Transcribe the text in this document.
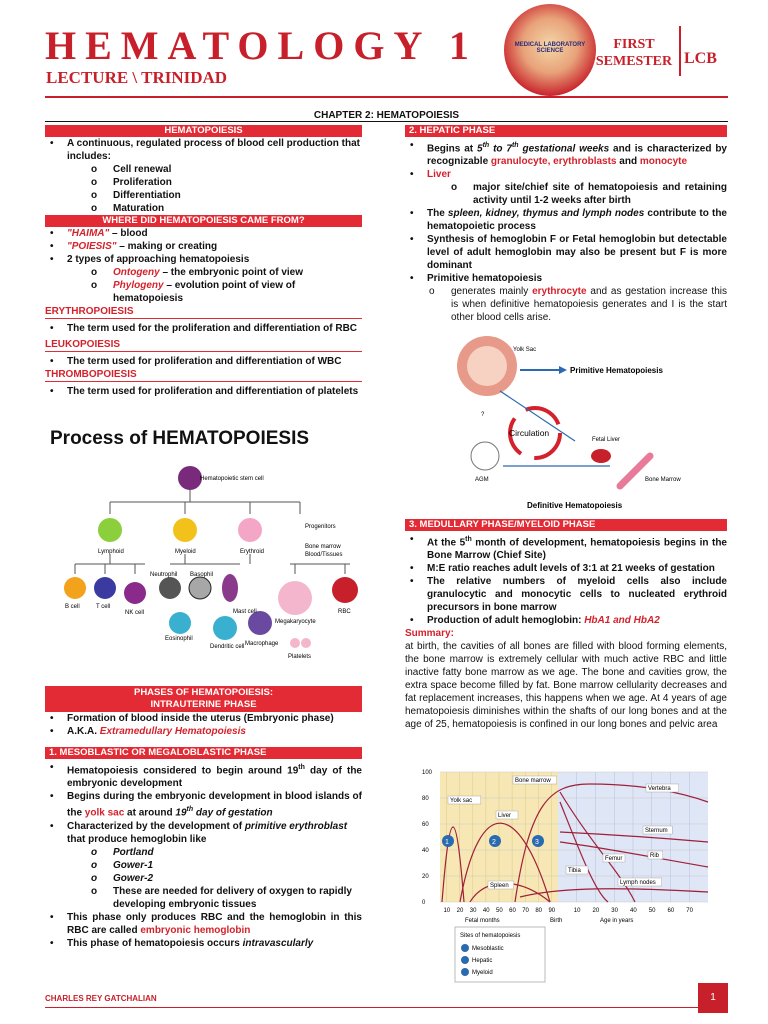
HEMATOLOGY 1
LECTURE \ TRINIDAD
MEDICAL LABORATORY SCIENCE	FIRST
SEMESTER LCB
CHAPTER 2: HEMATOPOIESIS
HEMATOPOIESIS
• A continuous, regulated process of blood cell production that includes:
o Cell renewal
o Proliferation
o Differentiation
o Maturation
WHERE DID HEMATOPOIESIS CAME FROM?
• "HAIMA" – blood
• "POIESIS" – making or creating
• 2 types of approaching hematopoiesis
o Ontogeny – the embryonic point of view
o Phylogeny – evolution point of view of hematopoiesis
ERYTHROPOIESIS
• The term used for the proliferation and differentiation of RBC
LEUKOPOIESIS
• The term used for proliferation and differentiation of WBC
THROMBOPOIESIS
• The term used for proliferation and differentiation of platelets
Process of HEMATOPOIESIS
Hematopoietic stem cell
Lymphoid	Myeloid	Erythroid
Progenitors
Bone marrow
Blood/Tissues
B cell	T cell
NK cell
Neutrophil Basophil
Eosinophil
Mast cell
Dendritic cell Macrophage
Megakaryocyte
RBC
Platelets
PHASES OF HEMATOPOIESIS:
INTRAUTERINE PHASE
• Formation of blood inside the uterus (Embryonic phase)
• A.K.A. Extramedullary Hematopoiesis
1. MESOBLASTIC OR MEGALOBLASTIC PHASE
• Hematopoiesis considered to begin around 19th day of the embryonic development
• Begins during the embryonic development in blood islands of the yolk sac at around 19th day of gestation
• Characterized by the development of primitive erythroblast that produce hemoglobin like
o Portland
o Gower-1
o Gower-2
o These are needed for delivery of oxygen to rapidly developing embryonic tissues
• This phase only produces RBC and the hemoglobin in this RBC are called embryonic hemoglobin
• This phase of hematopoiesis occurs intravascularly
2. HEPATIC PHASE
• Begins at 5th to 7th gestational weeks and is characterized by recognizable granulocyte, erythroblasts and monocyte
• Liver
o major site/chief site of hematopoiesis and retaining activity until 1-2 weeks after birth
• The spleen, kidney, thymus and lymph nodes contribute to the hematopoietic process
• Synthesis of hemoglobin F or Fetal hemoglobin but detectable level of adult hemoglobin may also be present but F is more dominant
• Primitive hematopoiesis
o generates mainly erythrocyte and as gestation increase this is when definitive hematopoiesis generates and I is the start other blood cells arise.
Yolk Sac
Primitive Hematopoiesis
Circulation
?
Fetal Liver
Bone Marrow
AGM
Definitive Hematopoiesis
3. MEDULLARY PHASE/MYELOID PHASE
• At the 5th month of development, hematopoiesis begins in the Bone Marrow (Chief Site)
• M:E ratio reaches adult levels of 3:1 at 21 weeks of gestation
• The relative numbers of myeloid cells also include granulocytic and monocytic cells to nucleated erythroid precursors in bone marrow
• Production of adult hemoglobin: HbA1 and HbA2
Summary:
at birth, the cavities of all bones are filled with blood forming elements, the bone marrow is extremely cellular with much active RBC and little inactive fatty bone marrow as we age. The bone and cavities grow, the extra space become filled by fat. Bone marrow cellularity decreases and fat replacement increases, this happens when we age. At 4 years of age hematopoiesis diminishes within the shafts of our long bones and at the age of 25, hematopoiesis is confined in our long bones and pelvic area
0
20
40
60
80
100
10 20 30 40 50 60 70 80 90	10 20 30 40 50 60 70
Yolk sac
Liver
Spleen
Bone marrow
Vertebra
Sternum
Rib
Femur
Tibia
Lymph nodes
1	2	3
Fetal months	Birth	Age in years
Sites of hematopoiesis
Mesoblastic
Hepatic
Myeloid
CHARLES REY GATCHALIAN	1
